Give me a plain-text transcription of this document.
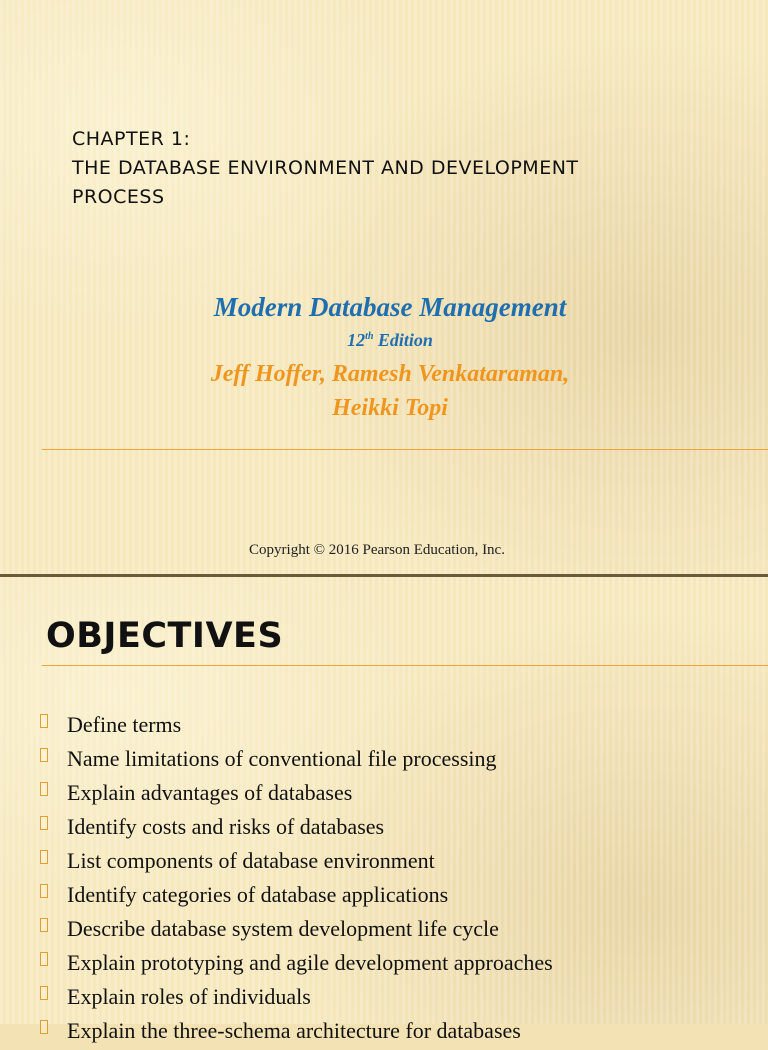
CHAPTER 1:
THE DATABASE ENVIRONMENT AND DEVELOPMENT
PROCESS
Modern Database Management
12th Edition
Jeff Hoffer, Ramesh Venkataraman,
Heikki Topi
Copyright © 2016 Pearson Education, Inc.
OBJECTIVES
Define terms
Name limitations of conventional file processing
Explain advantages of databases
Identify costs and risks of databases
List components of database environment
Identify categories of database applications
Describe database system development life cycle
Explain prototyping and agile development approaches
Explain roles of individuals
Explain the three-schema architecture for databases
